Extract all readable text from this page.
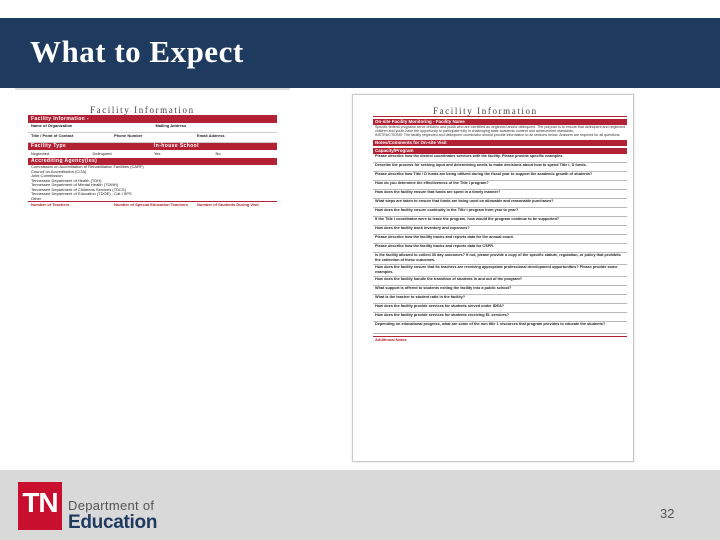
What to Expect
Facility Information
Facility Information -
Name of Organization	Mailing Address
Title / Point of Contact	Phone Number	Email Address
Facility Type	In-house School
Neglected	Delinquent	Yes	No
Accrediting Agency(ies)
Commission on Accreditation of Rehabilitation Facilities (CARF)
Council on Accreditation (COA)
Joint Commission
Tennessee Department of Health (TDH)
Tennessee Department of Mental Health (TDMH)
Tennessee Department of Childrens Services (TDCS)
Tennessee Department of Education (TDOE) - Cat I SPS
Other
Number of Teachers	Number of Special Education Teachers	Number of Students During Visit
Facility Information
On-site Facility Monitoring - Facility Name
Specific federal programs serve children and youth who are identified as neglected and/or delinquent. The purpose is to ensure that delinquent and neglected children and youth have the opportunity to participate fully in challenging state academic content and achievement standards.
INSTRUCTIONS: The facility neglected and delinquent coordinator should provide information to all sections below. Answers are required for all questions.
Notes/Comments for On-site Visit
Capacity/Program
Please describe how the district coordinates services with the facility. Please provide specific examples.
Describe the process for seeking input and determining needs to make decisions about how to spend Title I, D funds.
Please describe how Title I D funds are being utilized during the fiscal year to support the academic growth of students?
How do you determine the effectiveness of the Title I program?
How does the facility ensure that funds are spent in a timely manner?
What steps are taken to ensure that funds are being used on allowable and reasonable purchases?
How does the facility ensure continuity in the Title I program from year to year?
If the Title I coordinator were to leave the program, how would the program continue to be supported?
How does the facility track inventory and expenses?
Please describe how the facility tracks and reports data for the annual count.
Please describe how the facility tracks and reports data for CSPR.
Is the facility allowed to collect 30 day outcomes? If not, please provide a copy of the specific statute, regulation, or policy that prohibits the collection of these outcomes.
How does the facility ensure that its teachers are receiving appropriate professional development opportunities? Please provide some examples.
How does the facility handle the transition of students in and out of the program?
What support is offered to students exiting the facility into a public school?
What is the teacher to student ratio in the facility?
How does the facility provide services for students served under IDEA?
How does the facility provide services for students receiving EL services?
Depending on educational progress, what are some of the non title 1 resources that program provides to educate the students?
Additional Notes
TN Department of
Education	32
